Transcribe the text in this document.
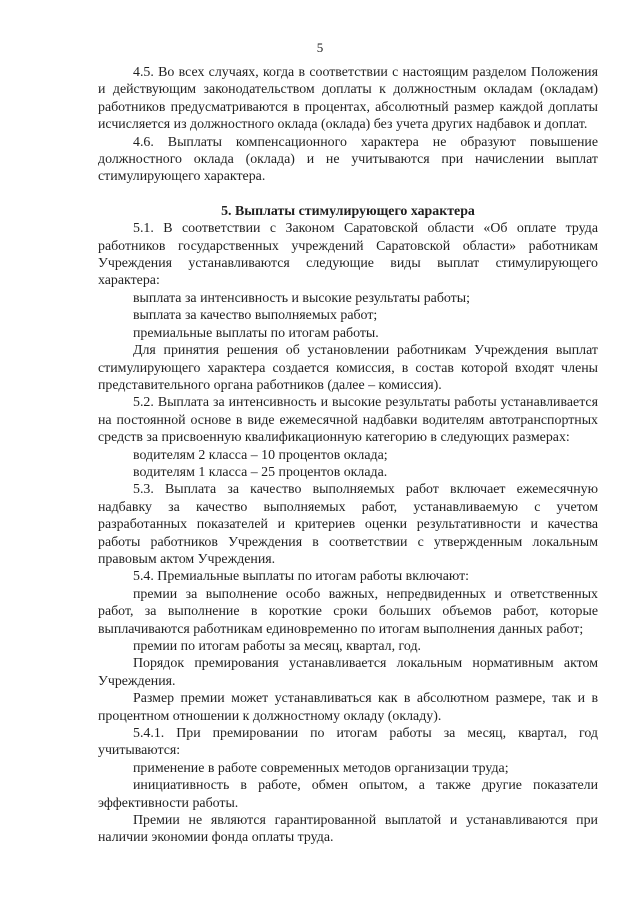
5

4.5. Во всех случаях, когда в соответствии с настоящим разделом Положения и действующим законодательством доплаты к должностным окладам (окладам) работников предусматриваются в процентах, абсолютный размер каждой доплаты исчисляется из должностного оклада (оклада) без учета других надбавок и доплат.

4.6. Выплаты компенсационного характера не образуют повышение должностного оклада (оклада) и не учитываются при начислении выплат стимулирующего характера.

5. Выплаты стимулирующего характера

5.1. В соответствии с Законом Саратовской области «Об оплате труда работников государственных учреждений Саратовской области» работникам Учреждения устанавливаются следующие виды выплат стимулирующего характера:

выплата за интенсивность и высокие результаты работы;

выплата за качество выполняемых работ;

премиальные выплаты по итогам работы.

Для принятия решения об установлении работникам Учреждения выплат стимулирующего характера создается комиссия, в состав которой входят члены представительного органа работников (далее – комиссия).

5.2. Выплата за интенсивность и высокие результаты работы устанавливается на постоянной основе в виде ежемесячной надбавки водителям автотранспортных средств за присвоенную квалификационную категорию в следующих размерах:

водителям 2 класса – 10 процентов оклада;

водителям 1 класса – 25 процентов оклада.

5.3. Выплата за качество выполняемых работ включает ежемесячную надбавку за качество выполняемых работ, устанавливаемую с учетом разработанных показателей и критериев оценки результативности и качества работы работников Учреждения в соответствии с утвержденным локальным правовым актом Учреждения.

5.4. Премиальные выплаты по итогам работы включают:

премии за выполнение особо важных, непредвиденных и ответственных работ, за выполнение в короткие сроки больших объемов работ, которые выплачиваются работникам единовременно по итогам выполнения данных работ;

премии по итогам работы за месяц, квартал, год.

Порядок премирования устанавливается локальным нормативным актом Учреждения.

Размер премии может устанавливаться как в абсолютном размере, так и в процентном отношении к должностному окладу (окладу).

5.4.1. При премировании по итогам работы за месяц, квартал, год учитываются:

применение в работе современных методов организации труда;

инициативность в работе, обмен опытом, а также другие показатели эффективности работы.

Премии не являются гарантированной выплатой и устанавливаются при наличии экономии фонда оплаты труда.
